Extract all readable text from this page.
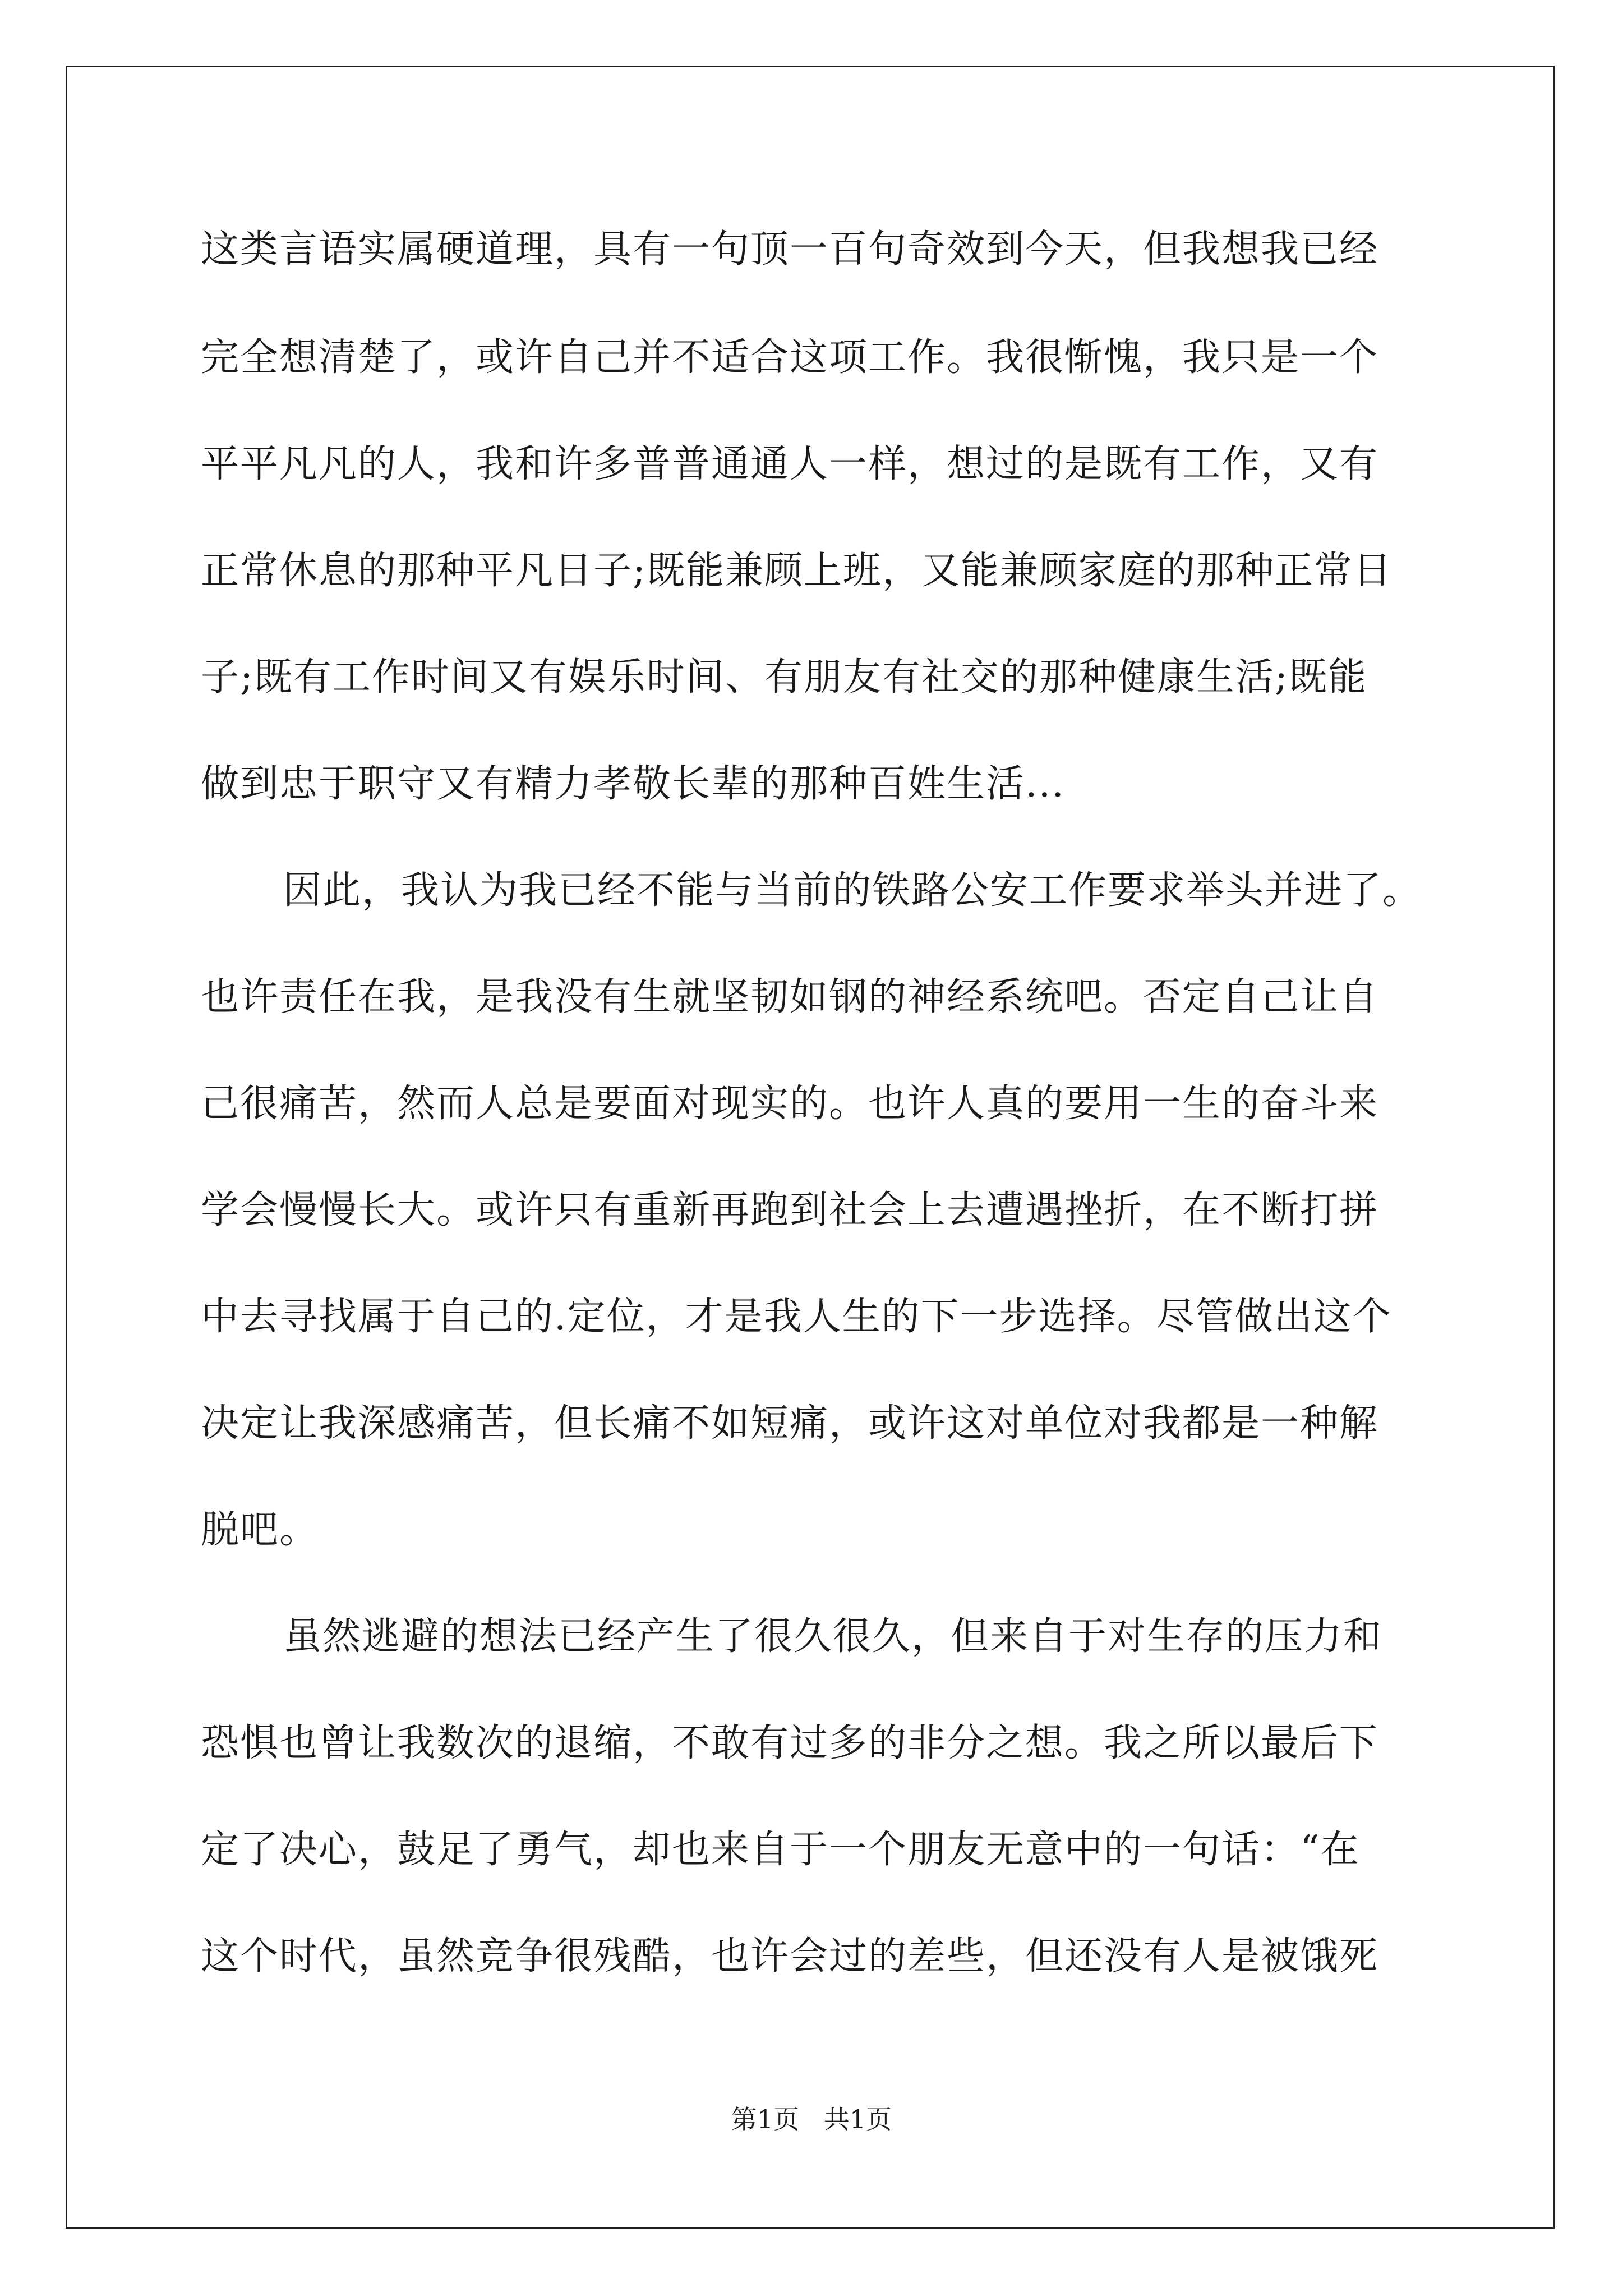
这类言语实属硬道理，具有一句顶一百句奇效到今天，但我想我已经
完全想清楚了，或许自己并不适合这项工作。我很惭愧，我只是一个
平平凡凡的人，我和许多普普通通人一样，想过的是既有工作，又有
正常休息的那种平凡日子;既能兼顾上班，又能兼顾家庭的那种正常日
子;既有工作时间又有娱乐时间、有朋友有社交的那种健康生活;既能
做到忠于职守又有精力孝敬长辈的那种百姓生活...
因此，我认为我已经不能与当前的铁路公安工作要求举头并进了。
也许责任在我，是我没有生就坚韧如钢的神经系统吧。否定自己让自
己很痛苦，然而人总是要面对现实的。也许人真的要用一生的奋斗来
学会慢慢长大。或许只有重新再跑到社会上去遭遇挫折，在不断打拼
中去寻找属于自己的.定位，才是我人生的下一步选择。尽管做出这个
决定让我深感痛苦，但长痛不如短痛，或许这对单位对我都是一种解
脱吧。
虽然逃避的想法已经产生了很久很久，但来自于对生存的压力和
恐惧也曾让我数次的退缩，不敢有过多的非分之想。我之所以最后下
定了决心，鼓足了勇气，却也来自于一个朋友无意中的一句话：“在
这个时代，虽然竞争很残酷，也许会过的差些，但还没有人是被饿死
第1页   共1页
